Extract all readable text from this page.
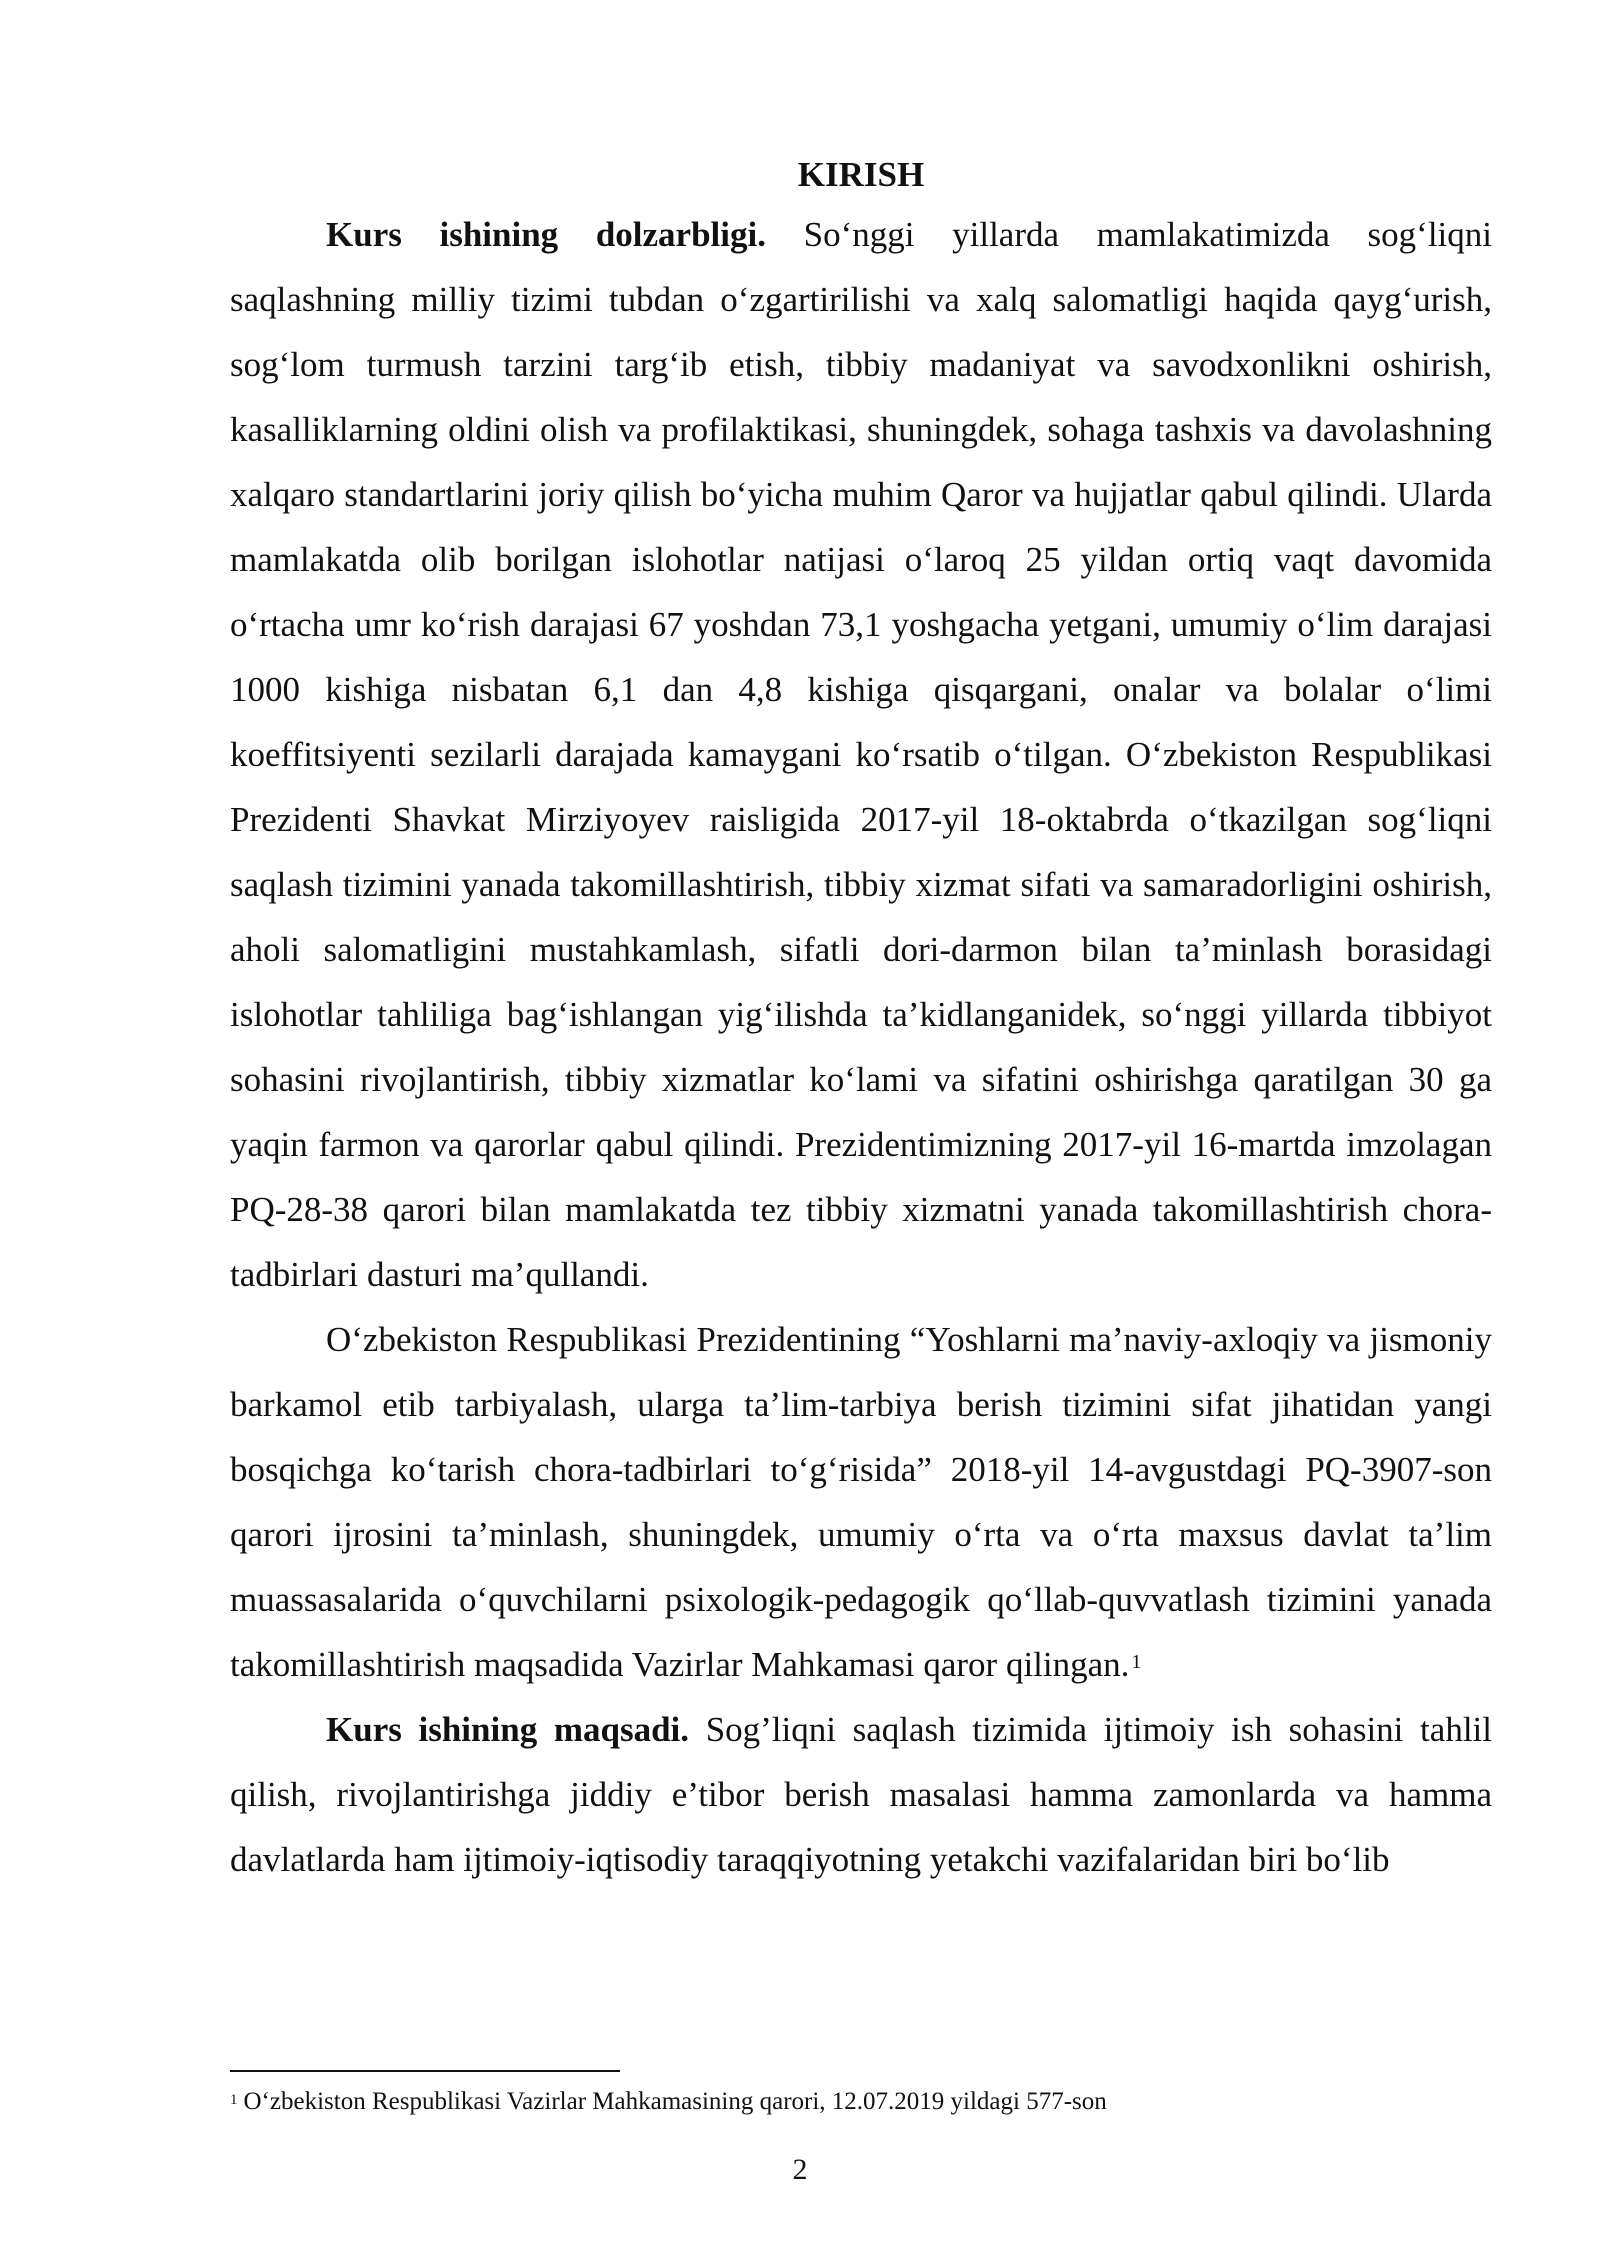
KIRISH

Kurs ishining dolzarbligi. So‘nggi yillarda mamlakatimizda sog‘liqni saqlashning milliy tizimi tubdan o‘zgartirilishi va xalq salomatligi haqida qayg‘urish, sog‘lom turmush tarzini targ‘ib etish, tibbiy madaniyat va savodxonlikni oshirish, kasalliklarning oldini olish va profilaktikasi, shuningdek, sohaga tashxis va davolashning xalqaro standartlarini joriy qilish bo‘yicha muhim Qaror va hujjatlar qabul qilindi. Ularda mamlakatda olib borilgan islohotlar natijasi o‘laroq 25 yildan ortiq vaqt davomida o‘rtacha umr ko‘rish darajasi 67 yoshdan 73,1 yoshgacha yetgani, umumiy o‘lim darajasi 1000 kishiga nisbatan 6,1 dan 4,8 kishiga qisqargani, onalar va bolalar o‘limi koeffitsiyenti sezilarli darajada kamaygani ko‘rsatib o‘tilgan. O‘zbekiston Respublikasi Prezidenti Shavkat Mirziyoyev raisligida 2017-yil 18-oktabrda o‘tkazilgan sog‘liqni saqlash tizimini yanada takomillashtirish, tibbiy xizmat sifati va samaradorligini oshirish, aholi salomatligini mustahkamlash, sifatli dori-darmon bilan ta’minlash borasidagi islohotlar tahliliga bag‘ishlangan yig‘ilishda ta’kidlanganidek, so‘nggi yillarda tibbiyot sohasini rivojlantirish, tibbiy xizmatlar ko‘lami va sifatini oshirishga qaratilgan 30 ga yaqin farmon va qarorlar qabul qilindi. Prezidentimizning 2017-yil 16-martda imzolagan PQ-28-38 qarori bilan mamlakatda tez tibbiy xizmatni yanada takomillashtirish chora-tadbirlari dasturi ma’qullandi.

O‘zbekiston Respublikasi Prezidentining “Yoshlarni ma’naviy-axloqiy va jismoniy barkamol etib tarbiyalash, ularga ta’lim-tarbiya berish tizimini sifat jihatidan yangi bosqichga ko‘tarish chora-tadbirlari to‘g‘risida” 2018-yil 14-avgustdagi PQ-3907-son qarori ijrosini ta’minlash, shuningdek, umumiy o‘rta va o‘rta maxsus davlat ta’lim muassasalarida o‘quvchilarni psixologik-pedagogik qo‘llab-quvvatlash tizimini yanada takomillashtirish maqsadida Vazirlar Mahkamasi qaror qilingan. $^1$

Kurs ishining maqsadi. Sog’liqni saqlash tizimida ijtimoiy ish sohasini tahlil qilish, rivojlantirishga jiddiy e’tibor berish masalasi hamma zamonlarda va hamma davlatlarda ham ijtimoiy-iqtisodiy taraqqiyotning yetakchi vazifalaridan biri bo‘lib

$^1$ O‘zbekiston Respublikasi Vazirlar Mahkamasining qarori, 12.07.2019 yildagi 577-son
2
